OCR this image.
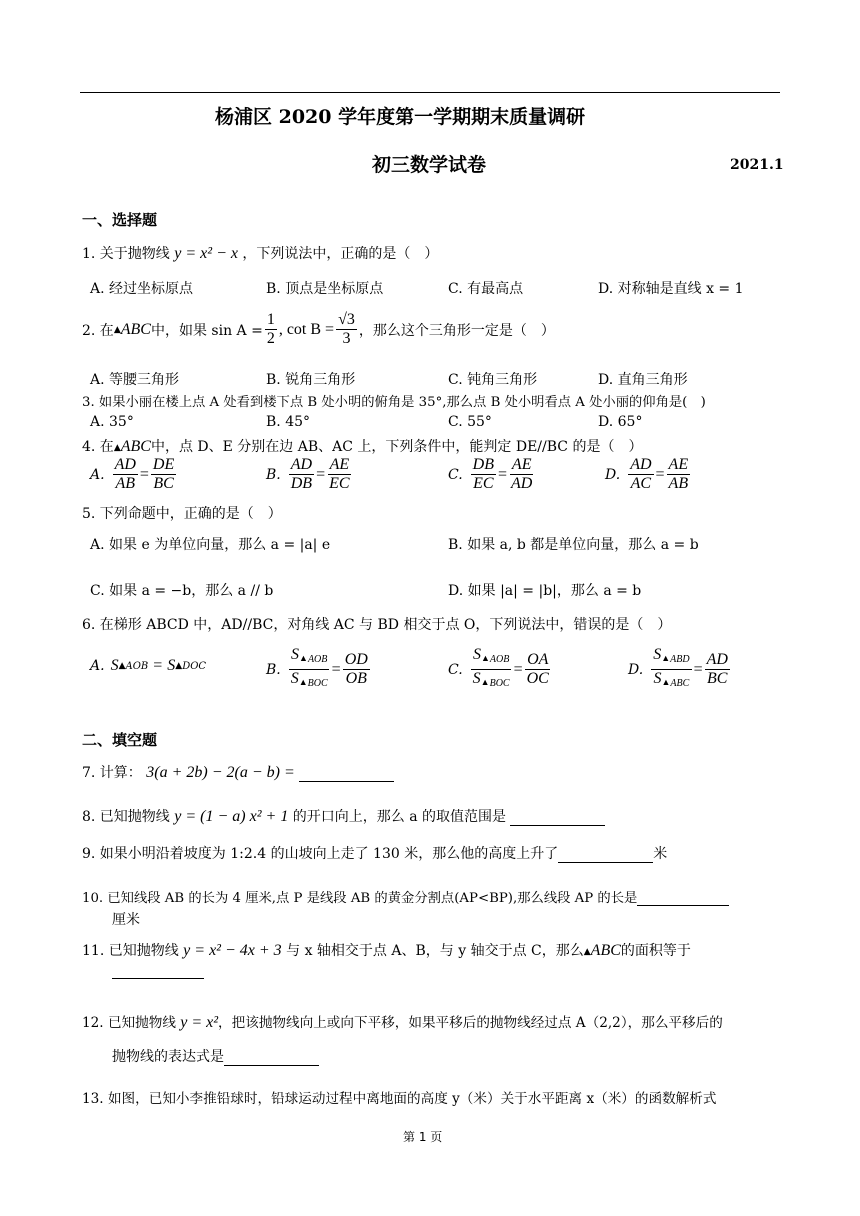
杨浦区 2020 学年度第一学期期末质量调研
初三数学试卷	2021.1
一、选择题
1. 关于抛物线 y = x² − x ，下列说法中，正确的是（　）
A. 经过坐标原点	B. 顶点是坐标原点	C. 有最高点	D. 对称轴是直线 x = 1
2. 在 ▲ ABC 中，如果 $\sin A = \frac{1}{2}$ , $\cot B = \frac{√3}{3}$ ，那么这个三角形一定是（　）
A. 等腰三角形	B. 锐角三角形	C. 钝角三角形	D. 直角三角形
3. 如果小丽在楼上点 A 处看到楼下点 B 处小明的俯角是 35°,那么点 B 处小明看点 A 处小丽的仰角是(　)
A. 35°	B. 45°	C. 55°	D. 65°
4. 在▲ABC中，点 D、E 分别在边 AB、AC 上，下列条件中，能判定 DE//BC 的是（　）
A. $\frac{AD}{AB} = \frac{DE}{BC}$	B. $\frac{AD}{DB} = \frac{AE}{EC}$	C. $\frac{DB}{EC} = \frac{AE}{AD}$	D. $\frac{AD}{AC} = \frac{AE}{AB}$
5. 下列命题中，正确的是（　）
A. 如果 e 为单位向量，那么 a = |a| e	B. 如果 a, b 都是单位向量，那么 a = b
C. 如果 a = −b，那么 a // b	D. 如果 |a| = |b|，那么 a = b
6. 在梯形 ABCD 中，AD//BC，对角线 AC 与 BD 相交于点 O，下列说法中，错误的是（　）
A. S ▲AOB = S ▲DOC	B. $\frac{S_{▲AOB}}{S_{▲BOC}} = \frac{OD}{OB}$	C. $\frac{S_{▲AOB}}{S_{▲BOC}} = \frac{OA}{OC}$	D. $\frac{S_{▲ABD}}{S_{▲ABC}} = \frac{AD}{BC}$
二、填空题
7. 计算： 3(a + 2b) − 2(a − b) =
8. 已知抛物线 y = (1 − a) x² + 1 的开口向上，那么 a 的取值范围是
9. 如果小明沿着坡度为 1:2.4 的山坡向上走了 130 米，那么他的高度上升了	米
10. 已知线段 AB 的长为 4 厘米,点 P 是线段 AB 的黄金分割点(AP<BP),那么线段 AP 的长是
厘米
11. 已知抛物线 y = x² − 4x + 3 与 x 轴相交于点 A、B，与 y 轴交于点 C，那么▲ABC的面积等于
12. 已知抛物线 y = x²，把该抛物线向上或向下平移，如果平移后的抛物线经过点 A（2,2），那么平移后的
抛物线的表达式是
13. 如图，已知小李推铅球时，铅球运动过程中离地面的高度 y（米）关于水平距离 x（米）的函数解析式
第 1 页
